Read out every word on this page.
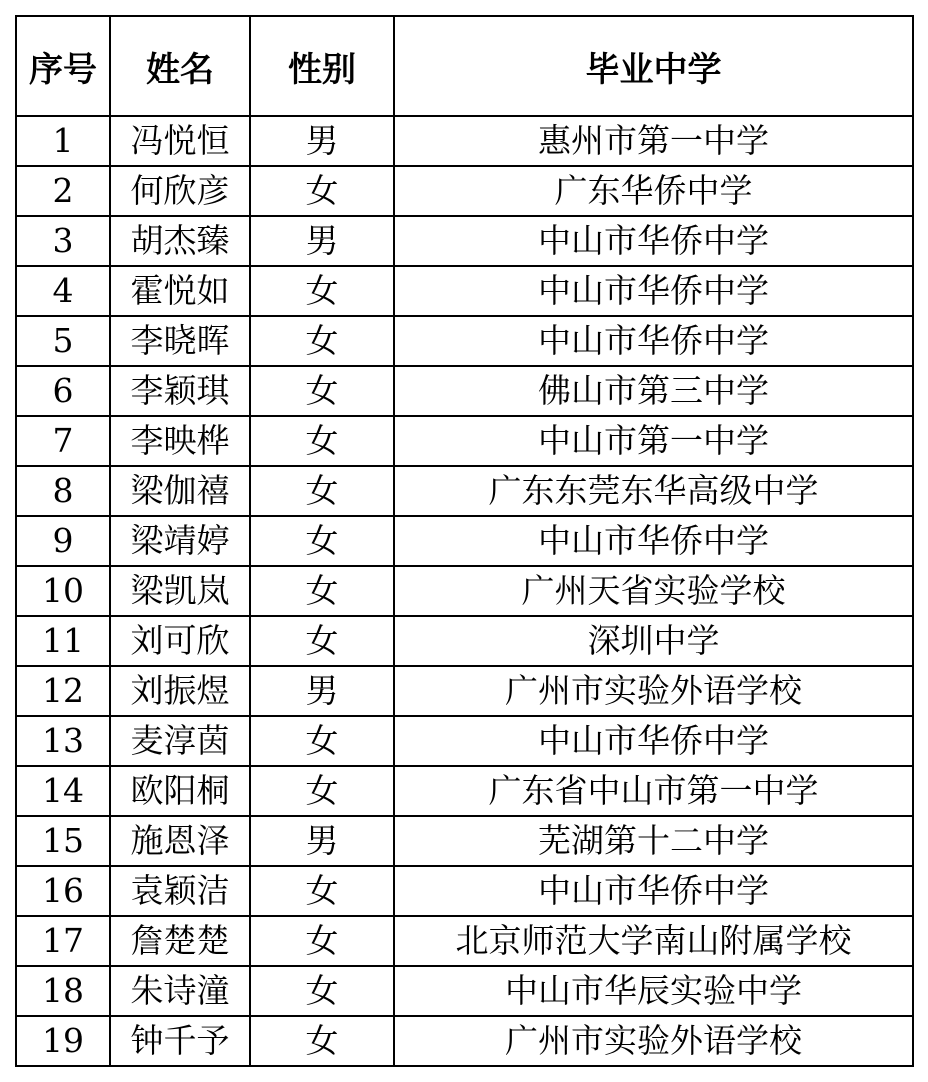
序号	姓名	性别	毕业中学
1	冯悦恒	男	惠州市第一中学
2	何欣彦	女	广东华侨中学
3	胡杰臻	男	中山市华侨中学
4	霍悦如	女	中山市华侨中学
5	李晓晖	女	中山市华侨中学
6	李颖琪	女	佛山市第三中学
7	李映桦	女	中山市第一中学
8	梁伽禧	女	广东东莞东华高级中学
9	梁靖婷	女	中山市华侨中学
10	梁凯岚	女	广州天省实验学校
11	刘可欣	女	深圳中学
12	刘振煜	男	广州市实验外语学校
13	麦淳茵	女	中山市华侨中学
14	欧阳桐	女	广东省中山市第一中学
15	施恩泽	男	芜湖第十二中学
16	袁颖洁	女	中山市华侨中学
17	詹楚楚	女	北京师范大学南山附属学校
18	朱诗潼	女	中山市华辰实验中学
19	钟千予	女	广州市实验外语学校
